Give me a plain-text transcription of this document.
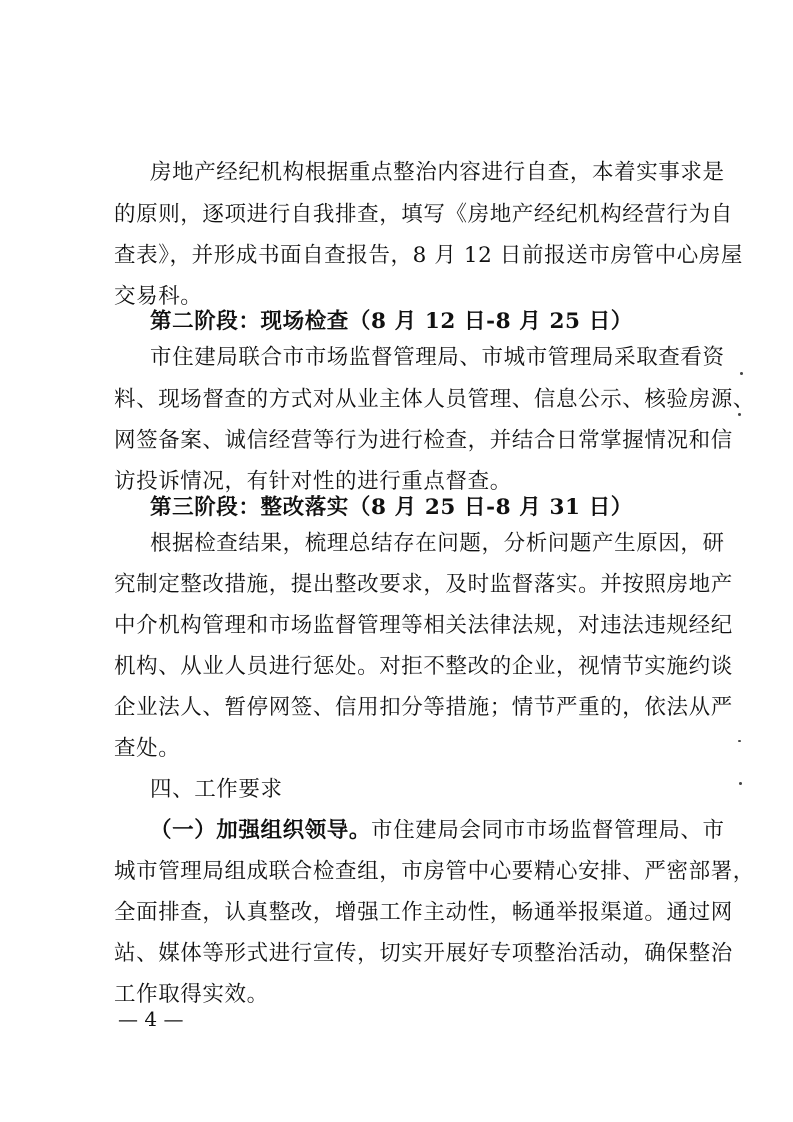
房地产经纪机构根据重点整治内容进行自查，本着实事求是
的原则，逐项进行自我排查，填写《房地产经纪机构经营行为自
查表》，并形成书面自查报告，8 月 12 日前报送市房管中心房屋
交易科。
第二阶段：现场检查（8 月 12 日-8 月 25 日）
市住建局联合市市场监督管理局、市城市管理局采取查看资
料、现场督查的方式对从业主体人员管理、信息公示、核验房源、
网签备案、诚信经营等行为进行检查，并结合日常掌握情况和信
访投诉情况，有针对性的进行重点督查。
第三阶段：整改落实（8 月 25 日-8 月 31 日）
根据检查结果，梳理总结存在问题，分析问题产生原因，研
究制定整改措施，提出整改要求，及时监督落实。并按照房地产
中介机构管理和市场监督管理等相关法律法规，对违法违规经纪
机构、从业人员进行惩处。对拒不整改的企业，视情节实施约谈
企业法人、暂停网签、信用扣分等措施；情节严重的，依法从严
查处。
四、工作要求
（一）加强组织领导。市住建局会同市市场监督管理局、市
城市管理局组成联合检查组，市房管中心要精心安排、严密部署，
全面排查，认真整改，增强工作主动性，畅通举报渠道。通过网
站、媒体等形式进行宣传，切实开展好专项整治活动，确保整治
工作取得实效。
— 4 —
